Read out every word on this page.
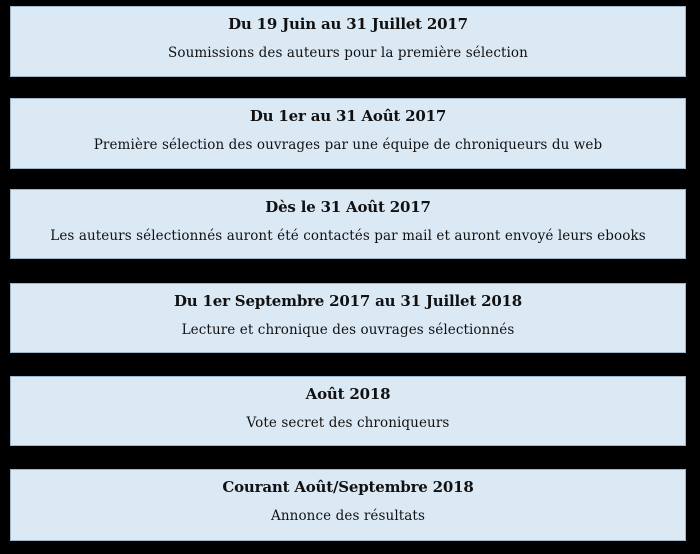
Du 19 Juin au 31 Juillet 2017
Soumissions des auteurs pour la première sélection
Du 1er au 31 Août 2017
Première sélection des ouvrages par une équipe de chroniqueurs du web
Dès le 31 Août 2017
Les auteurs sélectionnés auront été contactés par mail et auront envoyé leurs ebooks
Du 1er Septembre 2017 au 31 Juillet 2018
Lecture et chronique des ouvrages sélectionnés
Août 2018
Vote secret des chroniqueurs
Courant Août/Septembre 2018
Annonce des résultats
